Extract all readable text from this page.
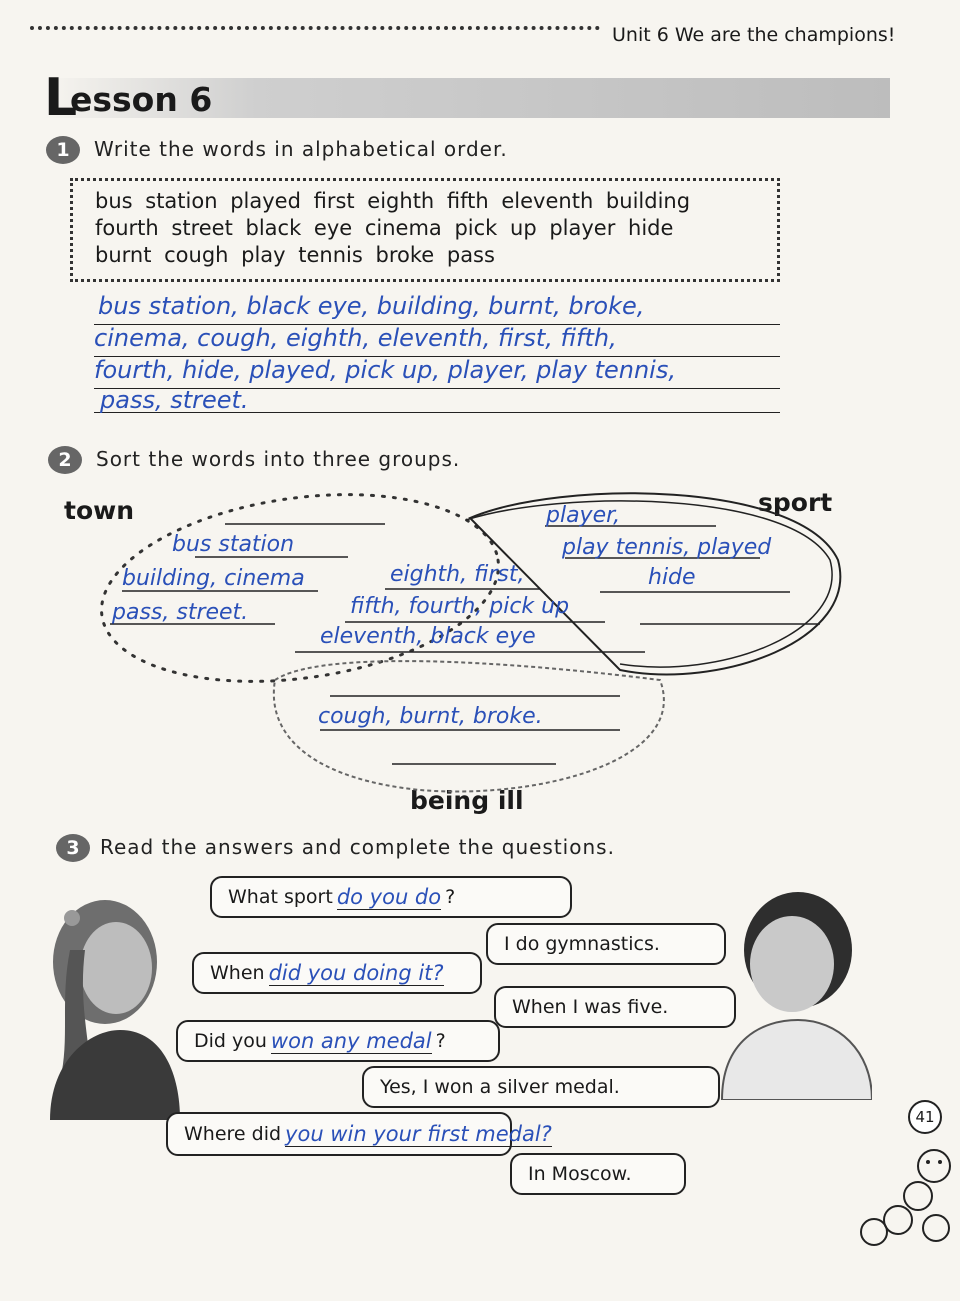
Unit 6 We are the champions!
L
esson 6
1	Write the words in alphabetical order.
bus station played first eighth fifth eleventh building
fourth street black eye cinema pick up player hide
burnt cough play tennis broke pass
bus station, black eye, building, burnt, broke,
cinema, cough, eighth, eleventh, first, fifth,
fourth, hide, played, pick up, player, play tennis,
pass, street.
2	Sort the words into three groups.
town	sport
being ill
bus station
building, cinema
pass, street.
player,
play tennis, played
hide
eighth, first,
fifth, fourth, pick up
eleventh, black eye
cough, burnt, broke.
3	Read the answers and complete the questions.
What sport do you do ?
I do gymnastics.
When did you doing it?
When I was five.
Did you won any medal ?
Yes, I won a silver medal.
Where did you win your first medal?
In Moscow.
41
